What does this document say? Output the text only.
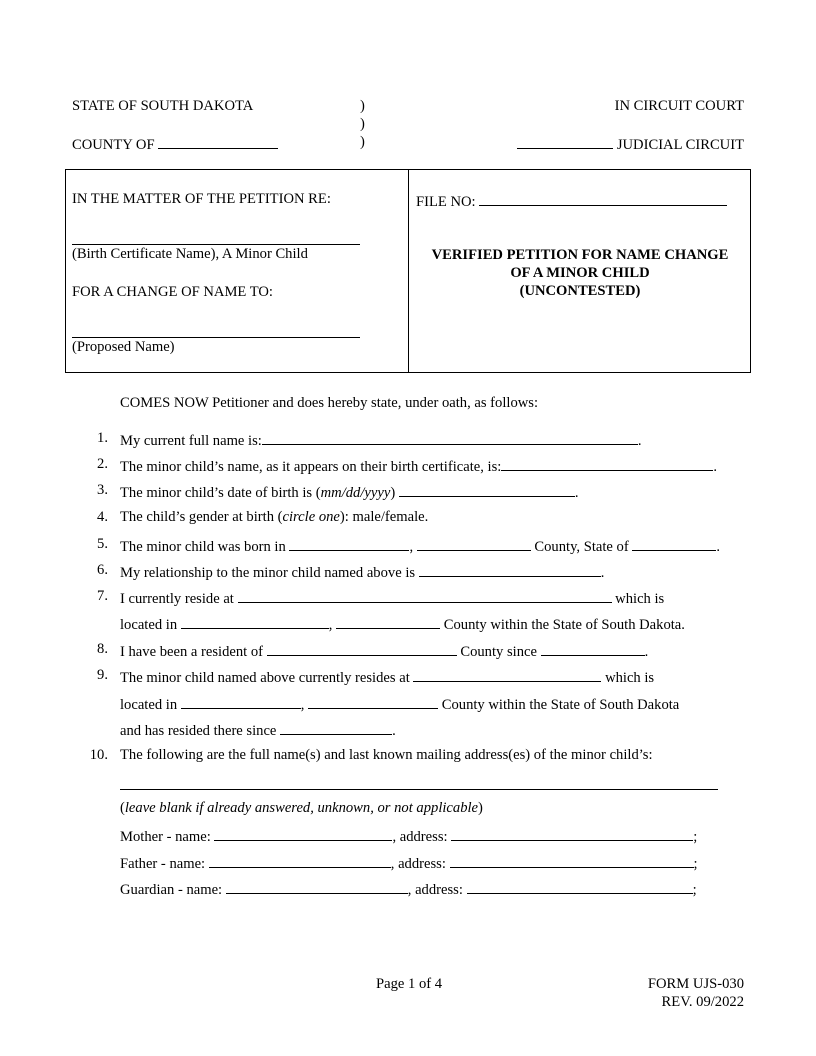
STATE OF SOUTH DAKOTA
COUNTY OF
)
)
)
IN CIRCUIT COURT
JUDICIAL CIRCUIT
IN THE MATTER OF THE PETITION RE:
(Birth Certificate Name), A Minor Child
FOR A CHANGE OF NAME TO:
(Proposed Name)
FILE NO:
VERIFIED PETITION FOR NAME CHANGE
OF A MINOR CHILD
(UNCONTESTED)
COMES NOW Petitioner and does hereby state, under oath, as follows:
1. My current full name is:	.
2. The minor child’s name, as it appears on their birth certificate, is:	.
3. The minor child’s date of birth is (mm/dd/yyyy)	.
4. The child’s gender at birth (circle one): male/female.
5. The minor child was born in	,	County, State of	.
6. My relationship to the minor child named above is	.
7. I currently reside at	which is
located in	,	County within the State of South Dakota.
8. I have been a resident of	County since	.
9. The minor child named above currently resides at	which is
located in	,	County within the State of South Dakota
and has resided there since	.
10. The following are the full name(s) and last known mailing address(es) of the minor child’s:
(leave blank if already answered, unknown, or not applicable)
Mother - name:	, address:	;
Father - name:	, address:	;
Guardian - name:	, address:	;
Page 1 of 4	FORM UJS-030
REV. 09/2022
